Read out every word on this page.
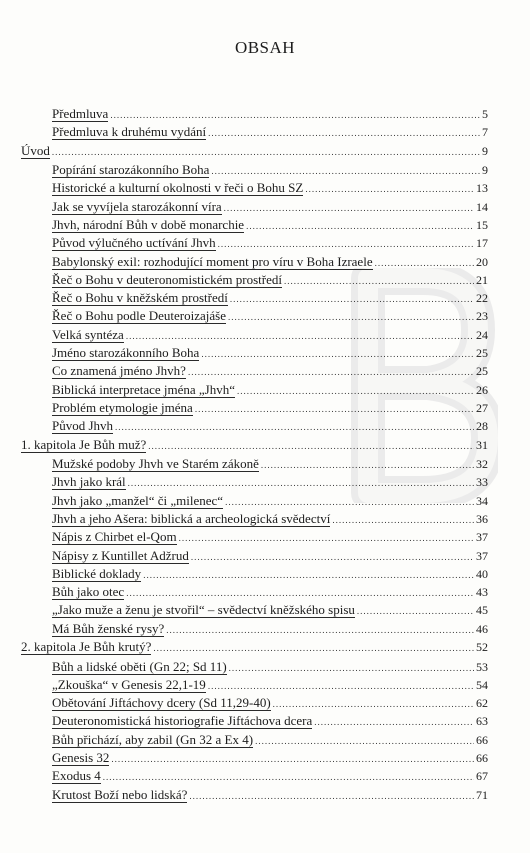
OBSAH
Předmluva .....	5
Předmluva k druhému vydání .....	7
Úvod .....	9
Popírání starozákonního Boha .....	9
Historické a kulturní okolnosti v řeči o Bohu SZ .....	13
Jak se vyvíjela starozákonní víra .....	14
Jhvh, národní Bůh v době monarchie .....	15
Původ výlučného uctívání Jhvh .....	17
Babylonský exil: rozhodující moment pro víru v Boha Izraele .....	20
Řeč o Bohu v deuteronomistickém prostředí .....	21
Řeč o Bohu v kněžském prostředí .....	22
Řeč o Bohu podle Deuteroizajáše .....	23
Velká syntéza .....	24
Jméno starozákonního Boha .....	25
Co znamená jméno Jhvh? .....	25
Biblická interpretace jména „Jhvh“ .....	26
Problém etymologie jména .....	27
Původ Jhvh .....	28
1. kapitola Je Bůh muž? .....	31
Mužské podoby Jhvh ve Starém zákoně .....	32
Jhvh jako král .....	33
Jhvh jako „manžel“ či „milenec“ .....	34
Jhvh a jeho Ašera: biblická a archeologická svědectví .....	36
Nápis z Chirbet el-Qom .....	37
Nápisy z Kuntillet Adžrud .....	37
Biblické doklady .....	40
Bůh jako otec .....	43
„Jako muže a ženu je stvořil“ – svědectví kněžského spisu .....	45
Má Bůh ženské rysy? .....	46
2. kapitola Je Bůh krutý? .....	52
Bůh a lidské oběti (Gn 22; Sd 11) .....	53
„Zkouška“ v Genesis 22,1-19 .....	54
Obětování Jiftáchovy dcery (Sd 11,29-40) .....	62
Deuteronomistická historiografie Jiftáchova dcera .....	63
Bůh přichází, aby zabil (Gn 32 a Ex 4) .....	66
Genesis 32 .....	66
Exodus 4 .....	67
Krutost Boží nebo lidská? .....	71
